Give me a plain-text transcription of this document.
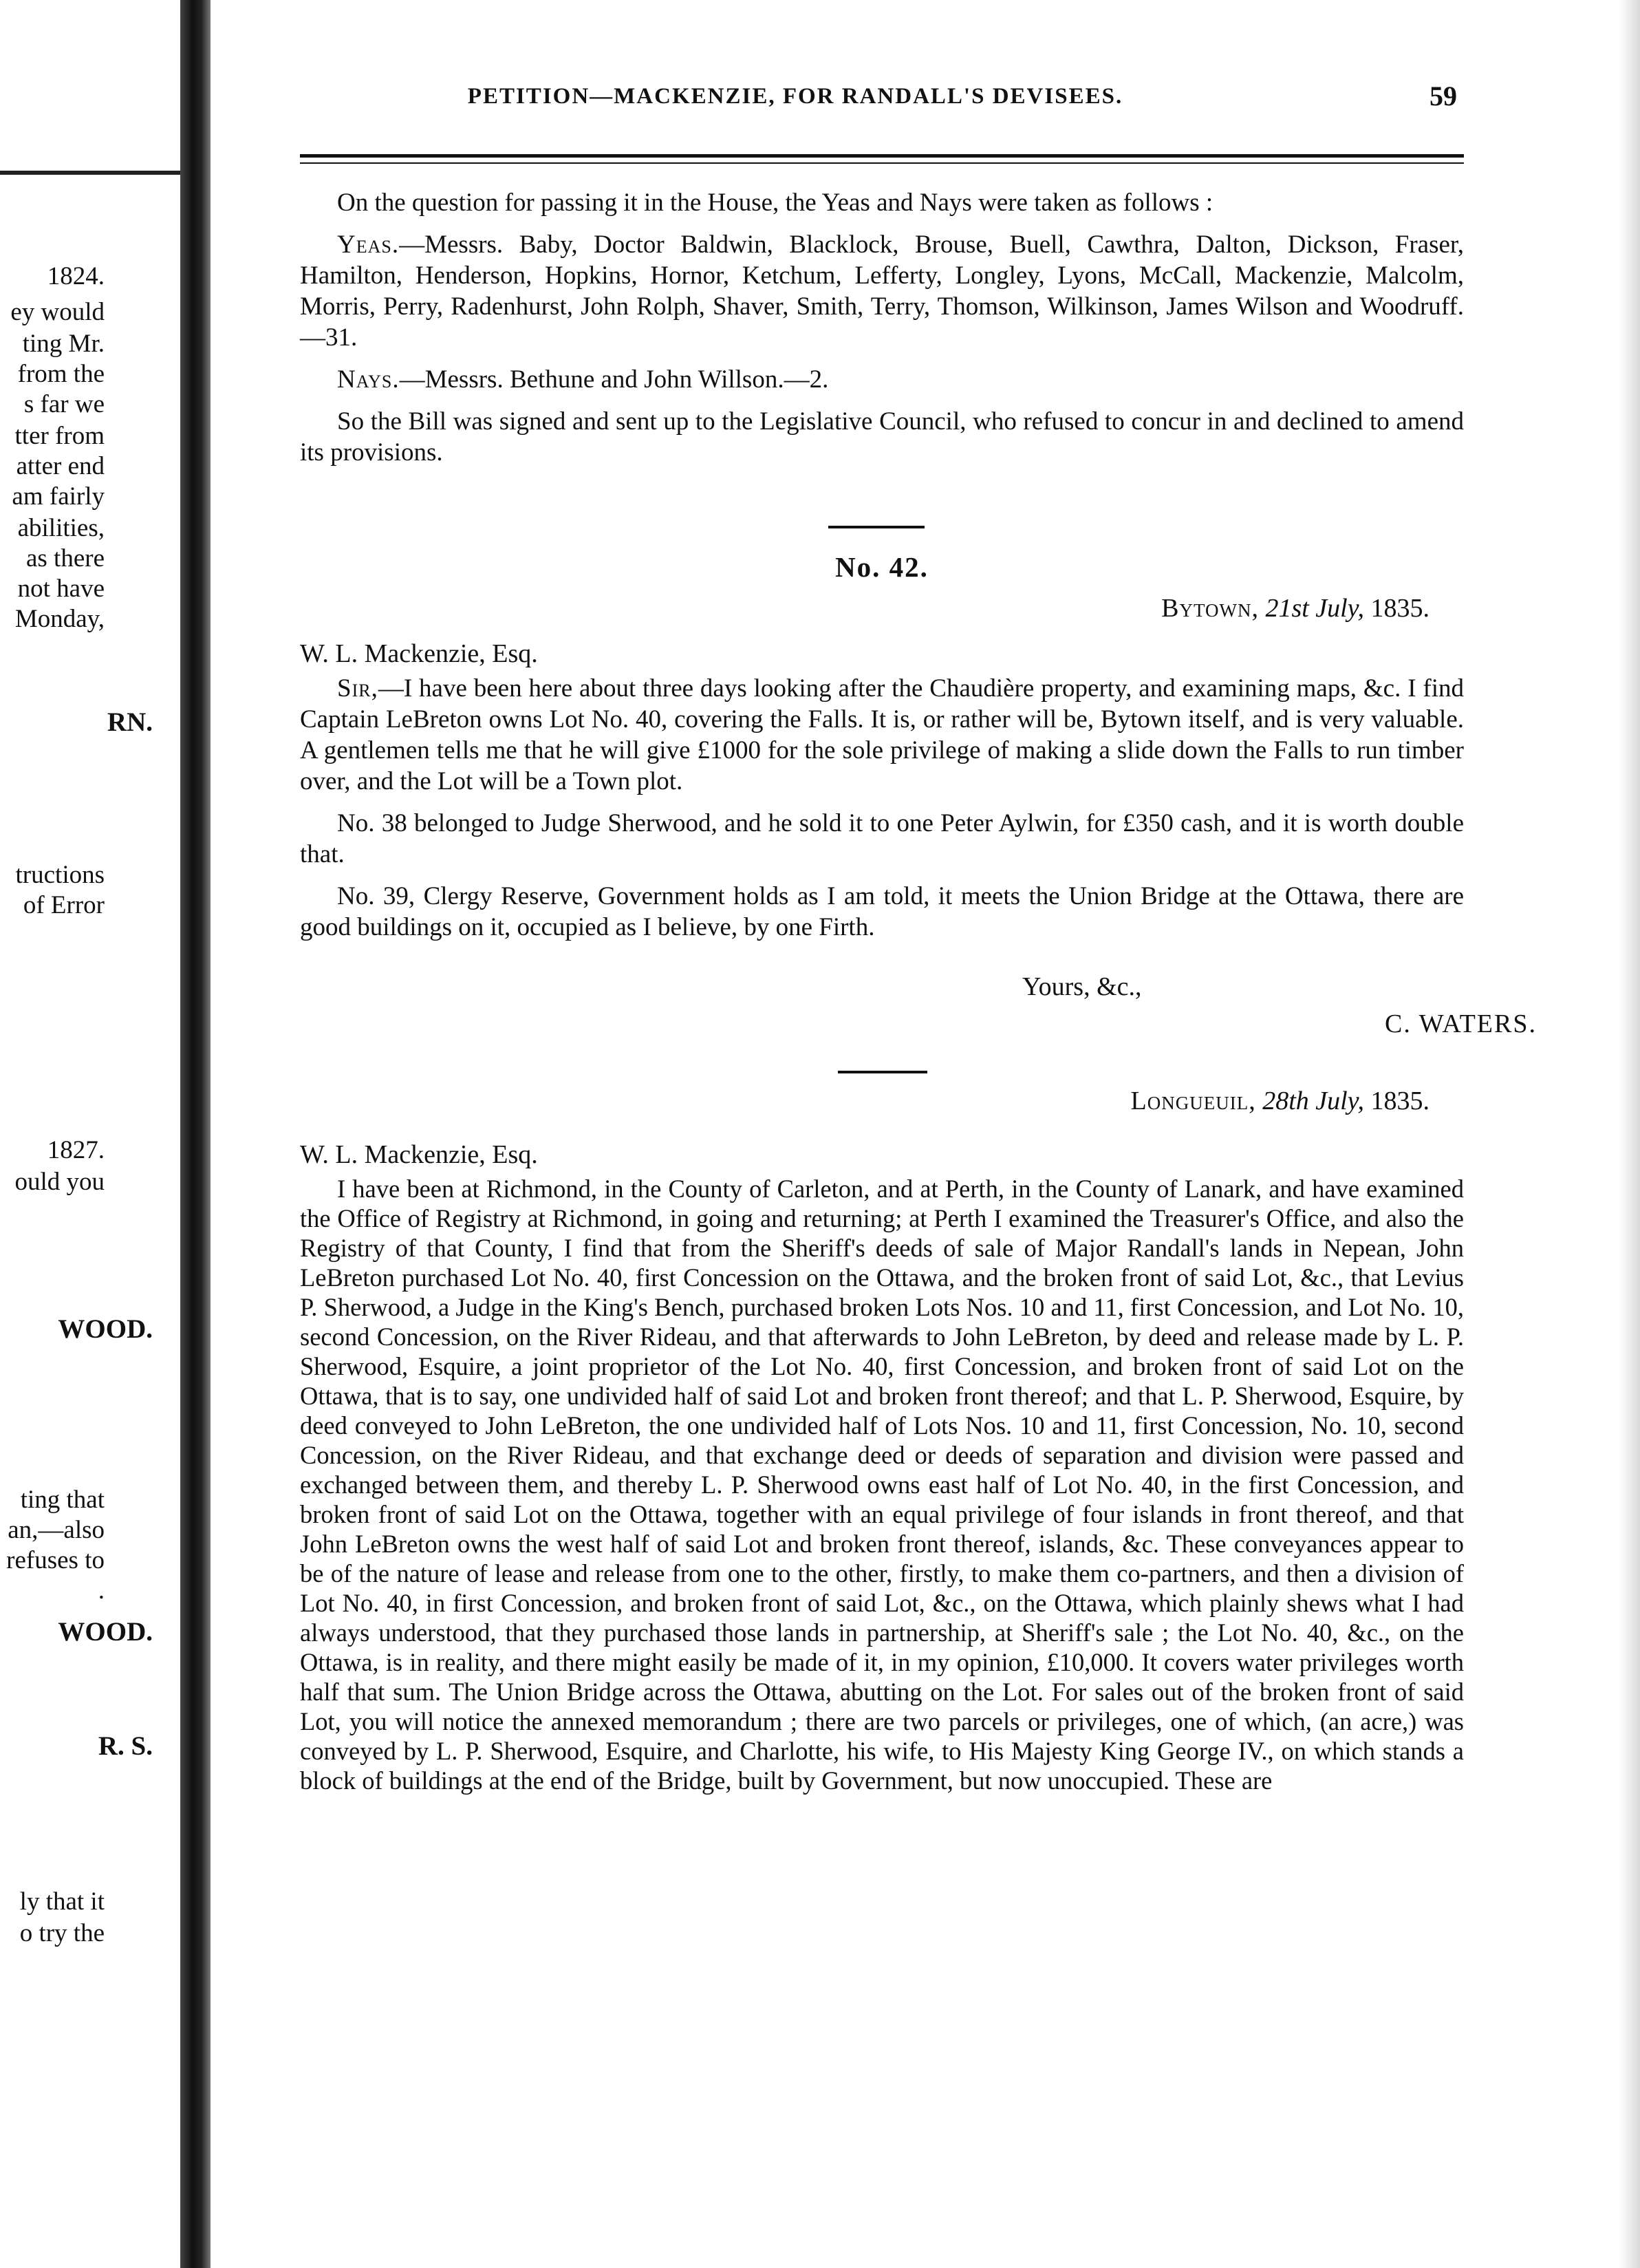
1824.
ey would
ting Mr.
from the
s far we
tter from
atter end
am fairly
abilities,
as there
not have
Monday,
RN.
tructions
of Error
1827.
ould you
WOOD.
ting that
an,—also
refuses to
.
WOOD.
R. S.
ly that it
o try the
PETITION—MACKENZIE, FOR RANDALL'S DEVISEES.	59

On the question for passing it in the House, the Yeas and Nays were taken as follows :

Yeas.—Messrs. Baby, Doctor Baldwin, Blacklock, Brouse, Buell, Cawthra, Dalton, Dickson, Fraser, Hamilton, Henderson, Hopkins, Hornor, Ketchum, Lefferty, Longley, Lyons, McCall, Mackenzie, Malcolm, Morris, Perry, Radenhurst, John Rolph, Shaver, Smith, Terry, Thomson, Wilkinson, James Wilson and Woodruff.—31.

Nays.—Messrs. Bethune and John Willson.—2.

So the Bill was signed and sent up to the Legislative Council, who refused to concur in and declined to amend its provisions.

No. 42.
Bytown, 21st July, 1835.
W. L. Mackenzie, Esq.

Sir,—I have been here about three days looking after the Chaudière property, and examining maps, &c. I find Captain LeBreton owns Lot No. 40, covering the Falls. It is, or rather will be, Bytown itself, and is very valuable. A gentlemen tells me that he will give £1000 for the sole privilege of making a slide down the Falls to run timber over, and the Lot will be a Town plot.

No. 38 belonged to Judge Sherwood, and he sold it to one Peter Aylwin, for £350 cash, and it is worth double that.

No. 39, Clergy Reserve, Government holds as I am told, it meets the Union Bridge at the Ottawa, there are good buildings on it, occupied as I believe, by one Firth.

Yours, &c.,
C. WATERS.
Longueuil, 28th July, 1835.
W. L. Mackenzie, Esq.

I have been at Richmond, in the County of Carleton, and at Perth, in the County of Lanark, and have examined the Office of Registry at Richmond, in going and returning; at Perth I examined the Treasurer's Office, and also the Registry of that County, I find that from the Sheriff's deeds of sale of Major Randall's lands in Nepean, John LeBreton purchased Lot No. 40, first Concession on the Ottawa, and the broken front of said Lot, &c., that Levius P. Sherwood, a Judge in the King's Bench, purchased broken Lots Nos. 10 and 11, first Concession, and Lot No. 10, second Concession, on the River Rideau, and that afterwards to John LeBreton, by deed and release made by L. P. Sherwood, Esquire, a joint proprietor of the Lot No. 40, first Concession, and broken front of said Lot on the Ottawa, that is to say, one undivided half of said Lot and broken front thereof; and that L. P. Sherwood, Esquire, by deed conveyed to John LeBreton, the one undivided half of Lots Nos. 10 and 11, first Concession, No. 10, second Concession, on the River Rideau, and that exchange deed or deeds of separation and division were passed and exchanged between them, and thereby L. P. Sherwood owns east half of Lot No. 40, in the first Concession, and broken front of said Lot on the Ottawa, together with an equal privilege of four islands in front thereof, and that John LeBreton owns the west half of said Lot and broken front thereof, islands, &c. These conveyances appear to be of the nature of lease and release from one to the other, firstly, to make them co-partners, and then a division of Lot No. 40, in first Concession, and broken front of said Lot, &c., on the Ottawa, which plainly shews what I had always understood, that they purchased those lands in partnership, at Sheriff's sale ; the Lot No. 40, &c., on the Ottawa, is in reality, and there might easily be made of it, in my opinion, £10,000. It covers water privileges worth half that sum. The Union Bridge across the Ottawa, abutting on the Lot. For sales out of the broken front of said Lot, you will notice the annexed memorandum ; there are two parcels or privileges, one of which, (an acre,) was conveyed by L. P. Sherwood, Esquire, and Charlotte, his wife, to His Majesty King George IV., on which stands a block of buildings at the end of the Bridge, built by Government, but now unoccupied. These are
